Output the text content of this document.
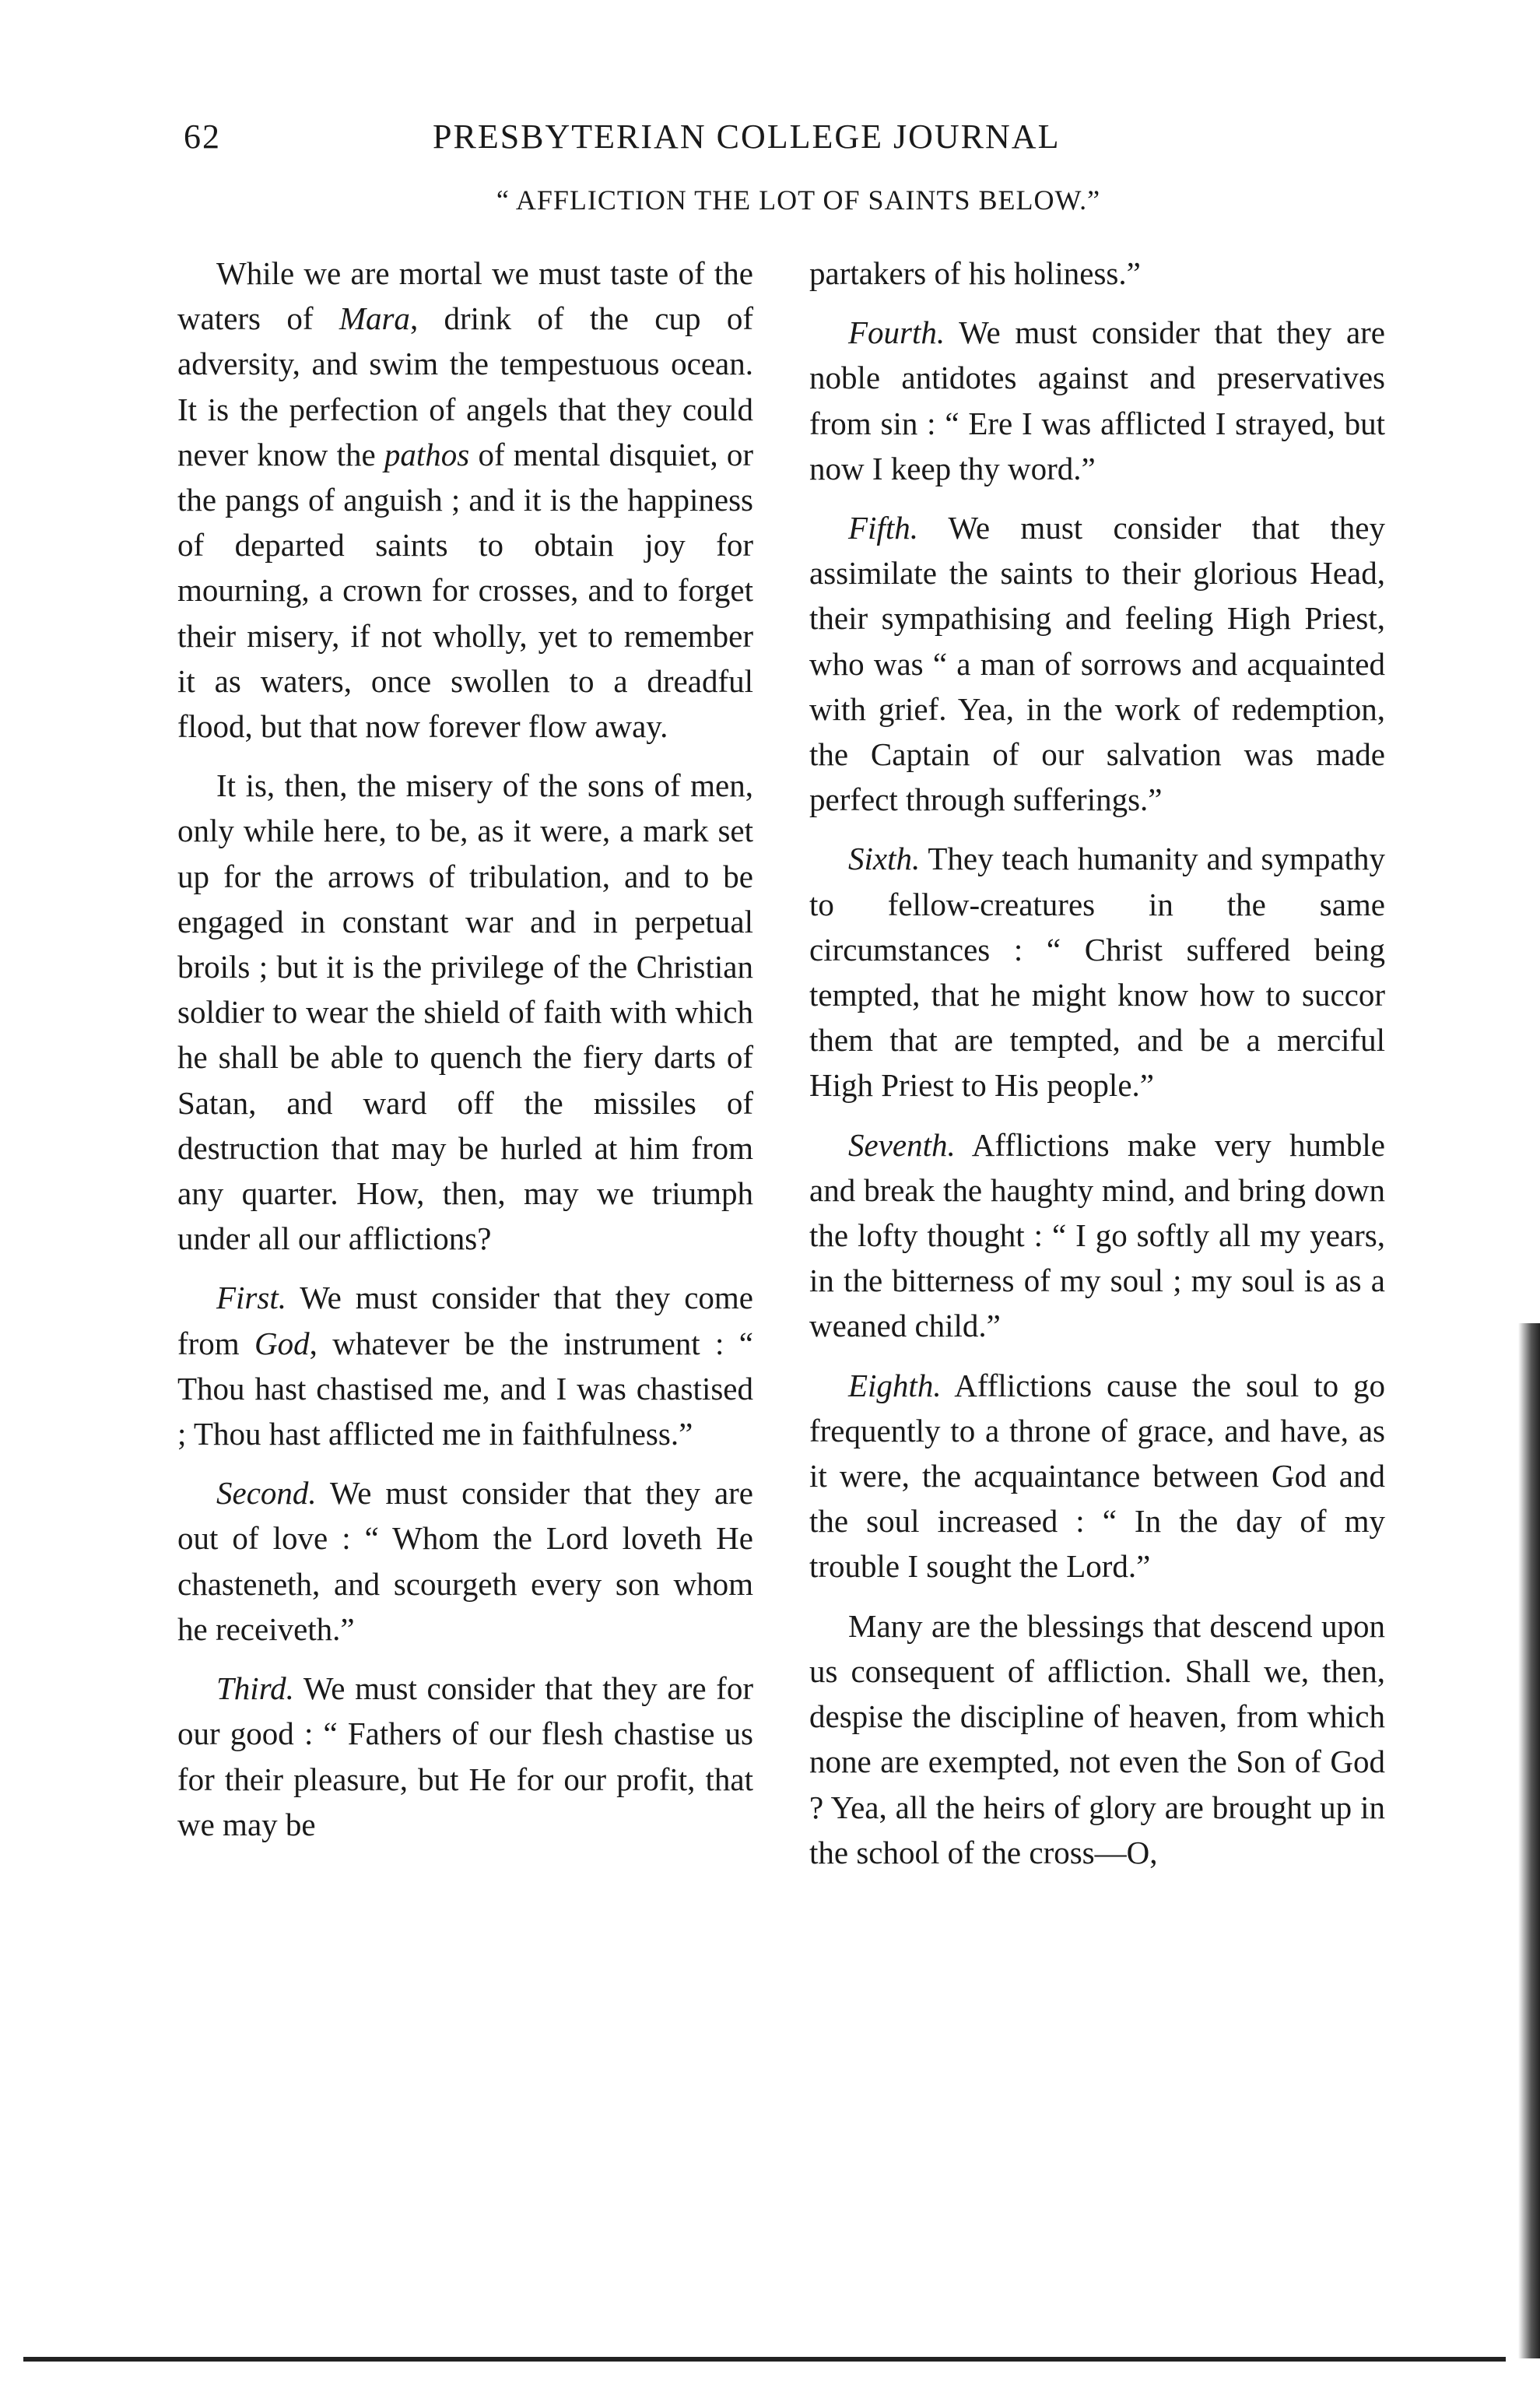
62	PRESBYTERIAN COLLEGE JOURNAL
“ AFFLICTION THE LOT OF SAINTS BELOW.”

While we are mortal we must taste of the waters of Mara, drink of the cup of adversity, and swim the tempestuous ocean. It is the perfection of angels that they could never know the pathos of mental disquiet, or the pangs of anguish ; and it is the happiness of departed saints to obtain joy for mourning, a crown for crosses, and to forget their misery, if not wholly, yet to remember it as waters, once swollen to a dreadful flood, but that now forever flow away.

It is, then, the misery of the sons of men, only while here, to be, as it were, a mark set up for the arrows of tribulation, and to be engaged in constant war and in perpetual broils ; but it is the privilege of the Christian soldier to wear the shield of faith with which he shall be able to quench the fiery darts of Satan, and ward off the missiles of destruction that may be hurled at him from any quarter. How, then, may we triumph under all our afflictions?

First. We must consider that they come from God, whatever be the instrument : “ Thou hast chastised me, and I was chastised ; Thou hast afflicted me in faithfulness.”

Second. We must consider that they are out of love : “ Whom the Lord loveth He chasteneth, and scourgeth every son whom he receiveth.”

Third. We must consider that they are for our good : “ Fathers of our flesh chastise us for their pleasure, but He for our profit, that we may be

partakers of his holiness.”

Fourth. We must consider that they are noble antidotes against and preservatives from sin : “ Ere I was afflicted I strayed, but now I keep thy word.”

Fifth. We must consider that they assimilate the saints to their glorious Head, their sympathising and feeling High Priest, who was “ a man of sorrows and acquainted with grief. Yea, in the work of redemption, the Captain of our salvation was made perfect through sufferings.”

Sixth. They teach humanity and sympathy to fellow-creatures in the same circumstances : “ Christ suffered being tempted, that he might know how to succor them that are tempted, and be a merciful High Priest to His people.”

Seventh. Afflictions make very humble and break the haughty mind, and bring down the lofty thought : “ I go softly all my years, in the bitterness of my soul ; my soul is as a weaned child.”

Eighth. Afflictions cause the soul to go frequently to a throne of grace, and have, as it were, the acquaintance between God and the soul increased : “ In the day of my trouble I sought the Lord.”

Many are the blessings that descend upon us consequent of affliction. Shall we, then, despise the discipline of heaven, from which none are exempted, not even the Son of God ? Yea, all the heirs of glory are brought up in the school of the cross—O,
